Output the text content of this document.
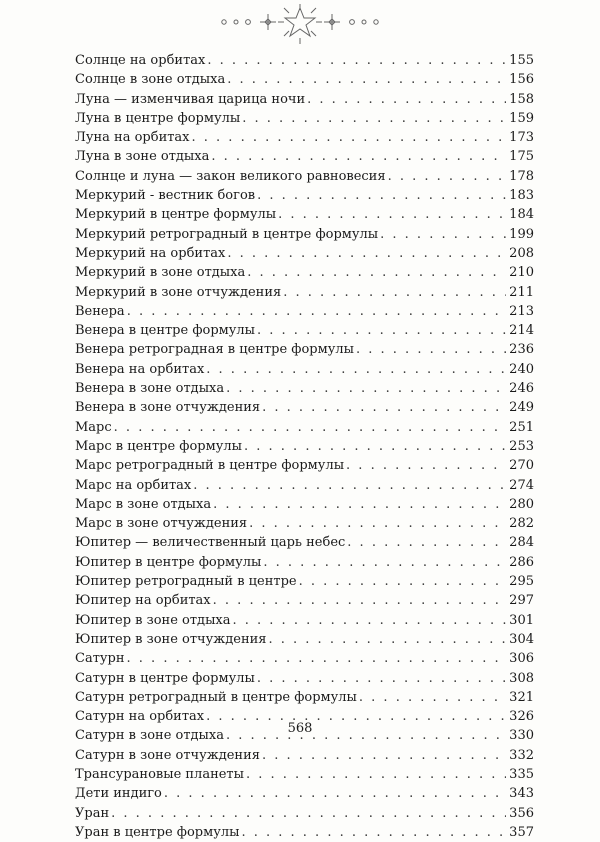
Солнце на орбитах . . .	155
Солнце в зоне отдыха . . .	156
Луна — изменчивая царица ночи . . .	158
Луна в центре формулы . . .	159
Луна на орбитах . . .	173
Луна в зоне отдыха . . .	175
Солнце и луна — закон великого равновесия . . .	178
Меркурий - вестник богов . . .	183
Меркурий в центре формулы . . .	184
Меркурий ретроградный в центре формулы . . .	199
Меркурий на орбитах . . .	208
Меркурий в зоне отдыха . . .	210
Меркурий в зоне отчуждения . . .	211
Венера . . .	213
Венера в центре формулы . . .	214
Венера ретроградная в центре формулы . . .	236
Венера на орбитах . . .	240
Венера в зоне отдыха . . .	246
Венера в зоне отчуждения . . .	249
Марс . . .	251
Марс в центре формулы . . .	253
Марс ретроградный в центре формулы . . .	270
Марс на орбитах . . .	274
Марс в зоне отдыха . . .	280
Марс в зоне отчуждения . . .	282
Юпитер — величественный царь небес . . .	284
Юпитер в центре формулы . . .	286
Юпитер ретроградный в центре . . .	295
Юпитер на орбитах . . .	297
Юпитер в зоне отдыха . . .	301
Юпитер в зоне отчуждения . . .	304
Сатурн . . .	306
Сатурн в центре формулы . . .	308
Сатурн ретроградный в центре формулы . . .	321
Сатурн на орбитах . . .	326
Сатурн в зоне отдыха . . .	330
Сатурн в зоне отчуждения . . .	332
Трансурановые планеты . . .	335
Дети индиго . . .	343
Уран . . .	356
Уран в центре формулы . . .	357
568
